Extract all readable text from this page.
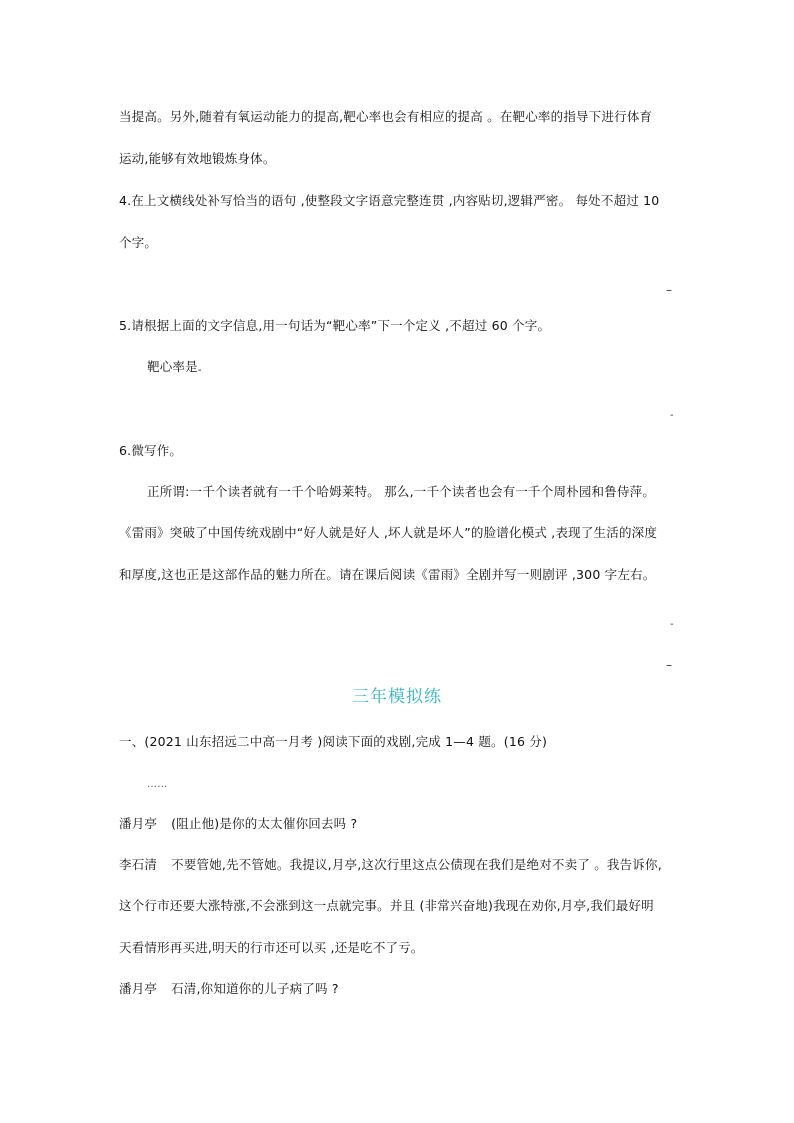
当提高。另外,随着有氧运动能力的提高,靶心率也会有相应的提高 。在靶心率的指导下进行体育
运动,能够有效地锻炼身体。
4.在上文横线处补写恰当的语句 ,使整段文字语意完整连贯 ,内容贴切,逻辑严密。 每处不超过 10
个字。
–
5.请根据上面的文字信息,用一句话为“靶心率”下一个定义 ,不超过 60 个字。
靶心率是-
-
6.微写作。
正所谓:一千个读者就有一千个哈姆莱特。 那么,一千个读者也会有一千个周朴园和鲁侍萍。
《雷雨》突破了中国传统戏剧中“好人就是好人 ,坏人就是坏人”的脸谱化模式 ,表现了生活的深度
和厚度,这也正是这部作品的魅力所在。请在课后阅读《雷雨》全剧并写一则剧评 ,300 字左右。
-
–
三年模拟练
一、(2021 山东招远二中高一月考 )阅读下面的戏剧,完成 1—4 题。(16 分)
……
潘月亭 (阻止他)是你的太太催你回去吗 ?
李石清 不要管她,先不管她。我提议,月亭,这次行里这点公债现在我们是绝对不卖了 。我告诉你,
这个行市还要大涨特涨,不会涨到这一点就完事。并且 (非常兴奋地)我现在劝你,月亭,我们最好明
天看情形再买进,明天的行市还可以买 ,还是吃不了亏。
潘月亭 石清,你知道你的儿子病了吗 ?
